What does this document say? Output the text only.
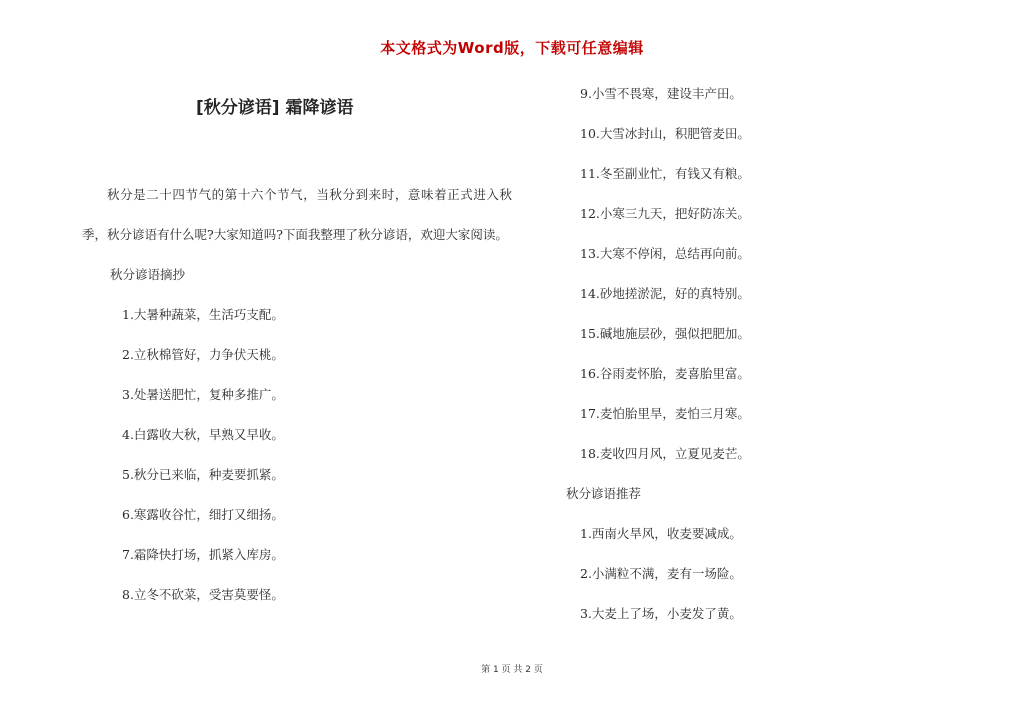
本文格式为Word版，下载可任意编辑
[秋分谚语] 霜降谚语

秋分是二十四节气的第十六个节气，当秋分到来时，意味着正式进入秋季，秋分谚语有什么呢?大家知道吗?下面我整理了秋分谚语，欢迎大家阅读。

秋分谚语摘抄
1.大暑种蔬菜，生活巧支配。
2.立秋棉管好，力争伏天桃。
3.处暑送肥忙，复种多推广。
4.白露收大秋，早熟又早收。
5.秋分已来临，种麦要抓紧。
6.寒露收谷忙，细打又细扬。
7.霜降快打场，抓紧入库房。
8.立冬不砍菜，受害莫要怪。
9.小雪不畏寒，建设丰产田。
10.大雪冰封山，积肥管麦田。
11.冬至副业忙，有钱又有粮。
12.小寒三九天，把好防冻关。
13.大寒不停闲，总结再向前。
14.砂地搓淤泥，好的真特别。
15.碱地施层砂，强似把肥加。
16.谷雨麦怀胎，麦喜胎里富。
17.麦怕胎里旱，麦怕三月寒。
18.麦收四月风，立夏见麦芒。
秋分谚语推荐
1.西南火旱风，收麦要减成。
2.小满粒不满，麦有一场险。
3.大麦上了场，小麦发了黄。
第 1 页 共 2 页
